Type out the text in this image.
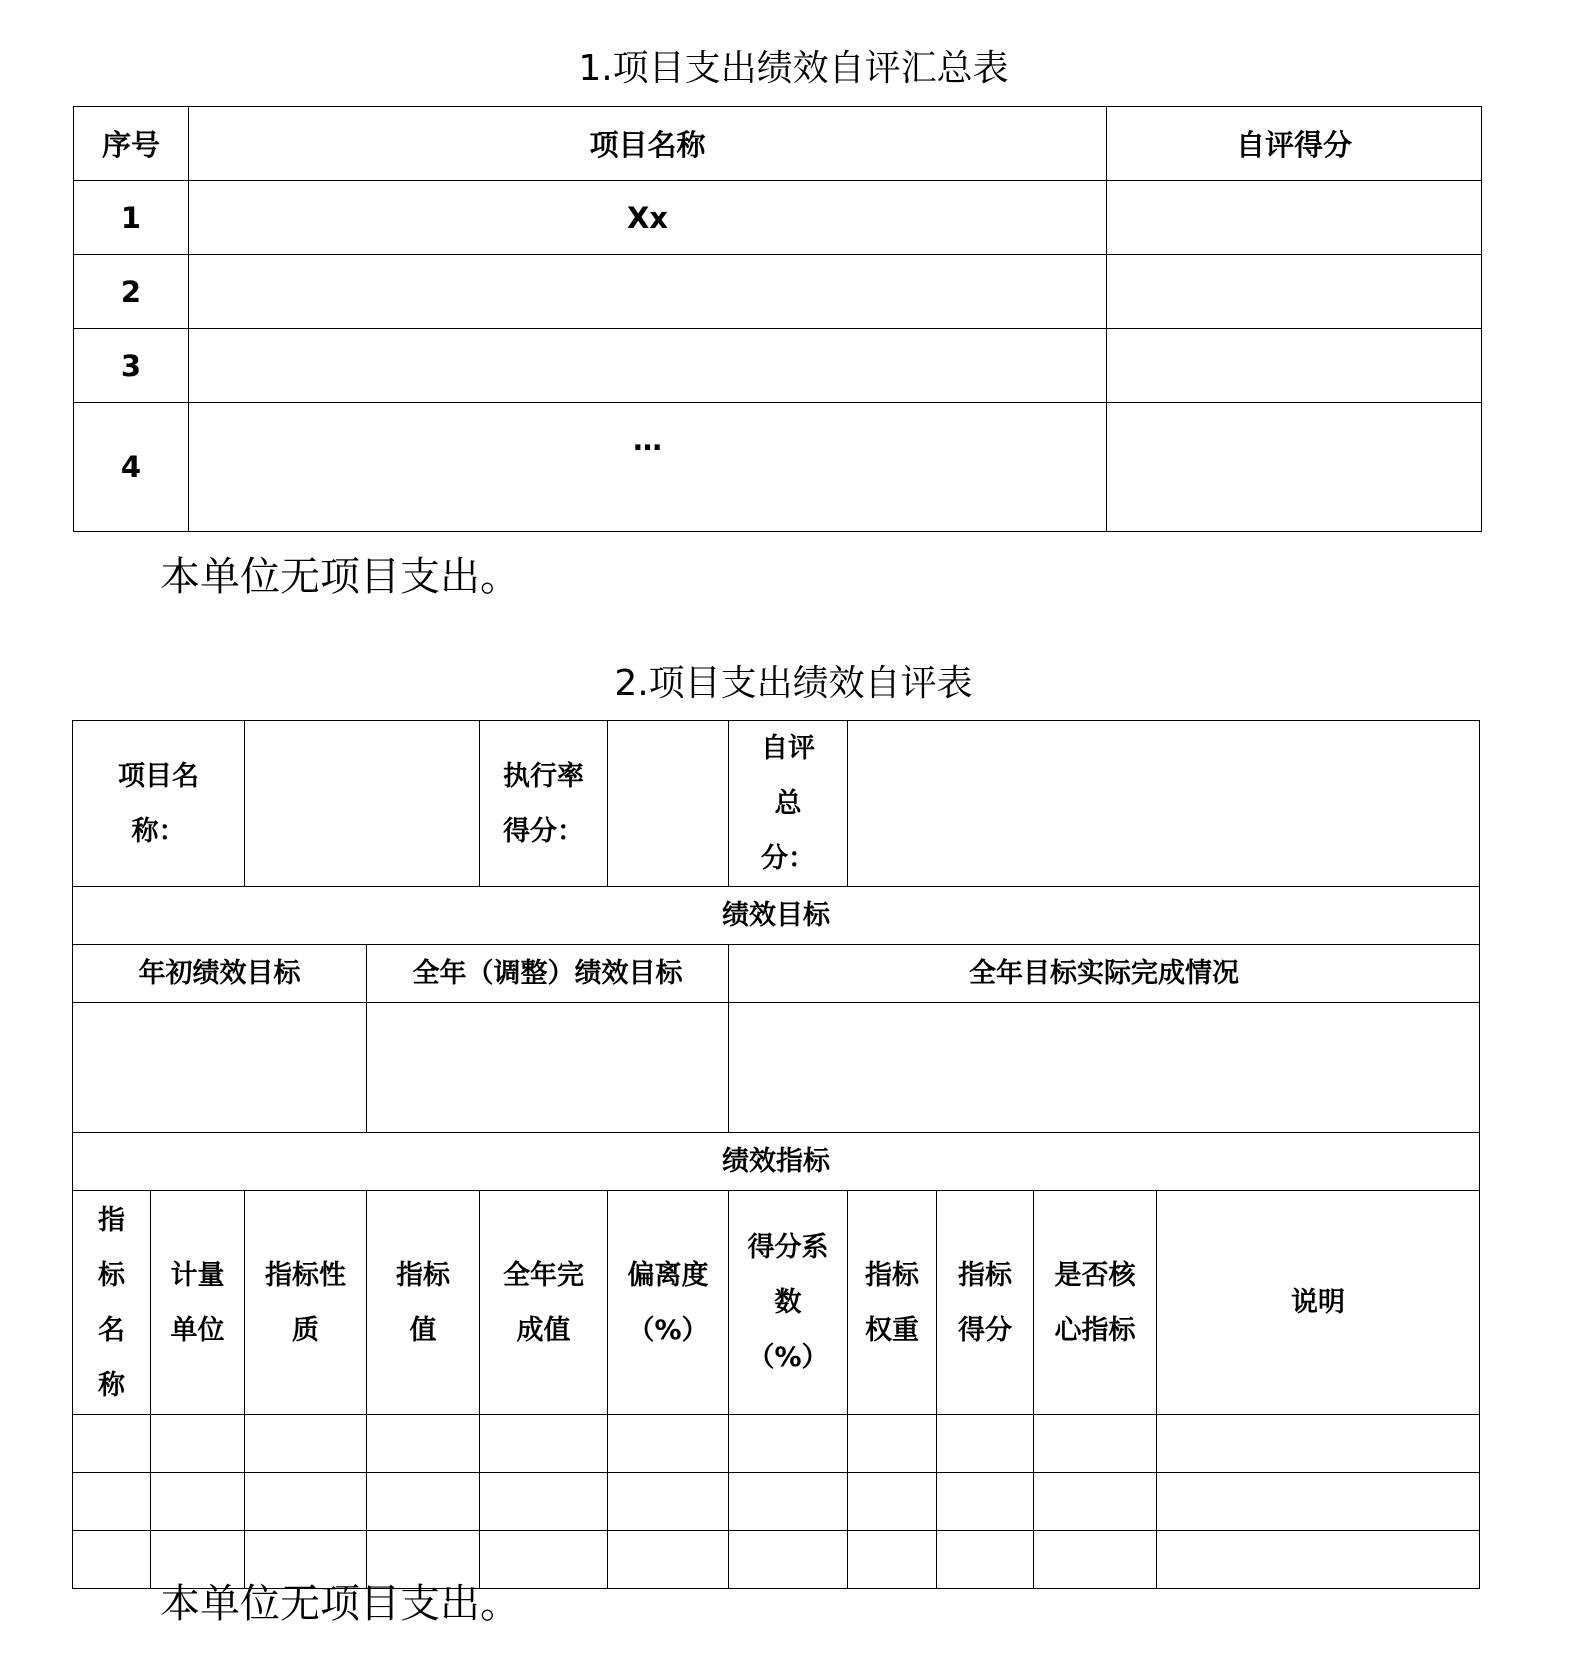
1.项目支出绩效自评汇总表
序号	项目名称	自评得分
1	Xx	
2		
3		
4	…	
本单位无项目支出。
2.项目支出绩效自评表
项目名称：				执行率得分：		自评总分：				
绩效目标										
年初绩效目标			全年（调整）绩效目标			全年目标实际完成情况				

绩效指标										
指标名称	计量单位	指标性质	指标值	全年完成值	偏离度（%）	得分系数（%）	指标权重	指标得分	是否核心指标	说明

本单位无项目支出。
